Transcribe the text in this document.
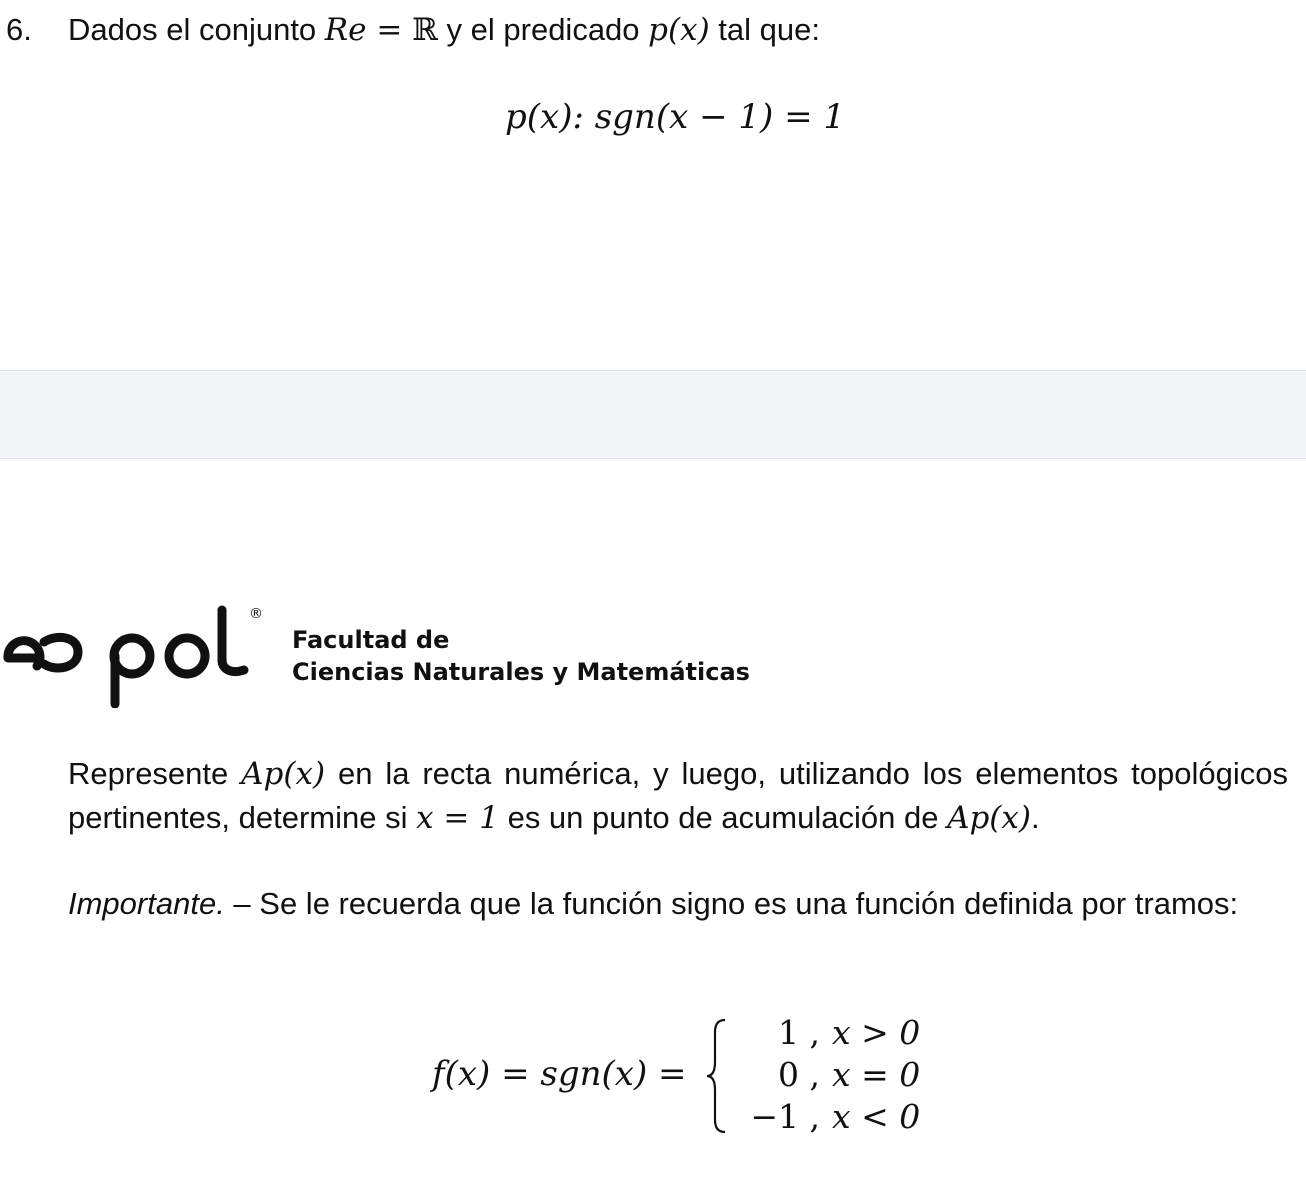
6. Dados el conjunto Re = ℝ y el predicado p(x) tal que:
p(x): sgn(x − 1) = 1
®
Facultad de
Ciencias Naturales y Matemáticas
Represente Ap(x) en la recta numérica, y luego, utilizando los elementos topológicos pertinentes, determine si x = 1 es un punto de acumulación de Ap(x).
Importante. – Se le recuerda que la función signo es una función definida por tramos:
f(x) = sgn(x) =
1 , x > 0
0 , x = 0
−1 , x < 0
